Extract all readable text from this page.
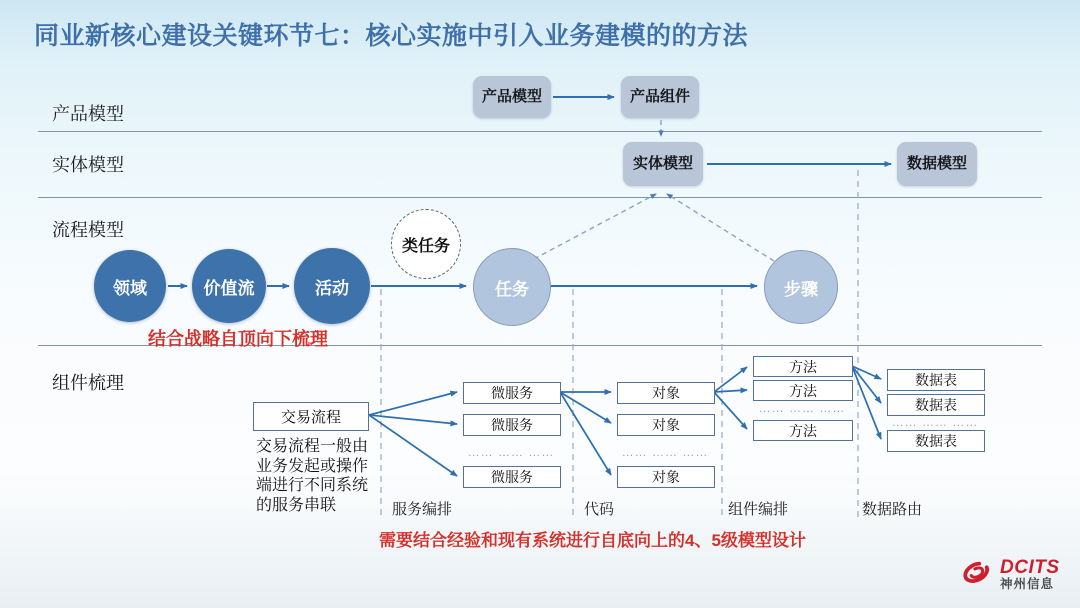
同业新核心建设关键环节七：核心实施中引入业务建模的的方法
产品模型
实体模型
流程模型
组件梳理
产品模型	产品组件
实体模型	数据模型
领域	价值流	活动
类任务
任务	步骤
结合战略自顶向下梳理
交易流程
交易流程一般由业务发起或操作端进行不同系统的服务串联
微服务
微服务
…… …… ……
微服务
对象
对象
…… …… ……
对象
方法
方法
…… …… ……
方法
数据表
数据表
…… …… ……
数据表
服务编排	代码	组件编排	数据路由
需要结合经验和现有系统进行自底向上的4、5级模型设计
DCITS
神州信息
